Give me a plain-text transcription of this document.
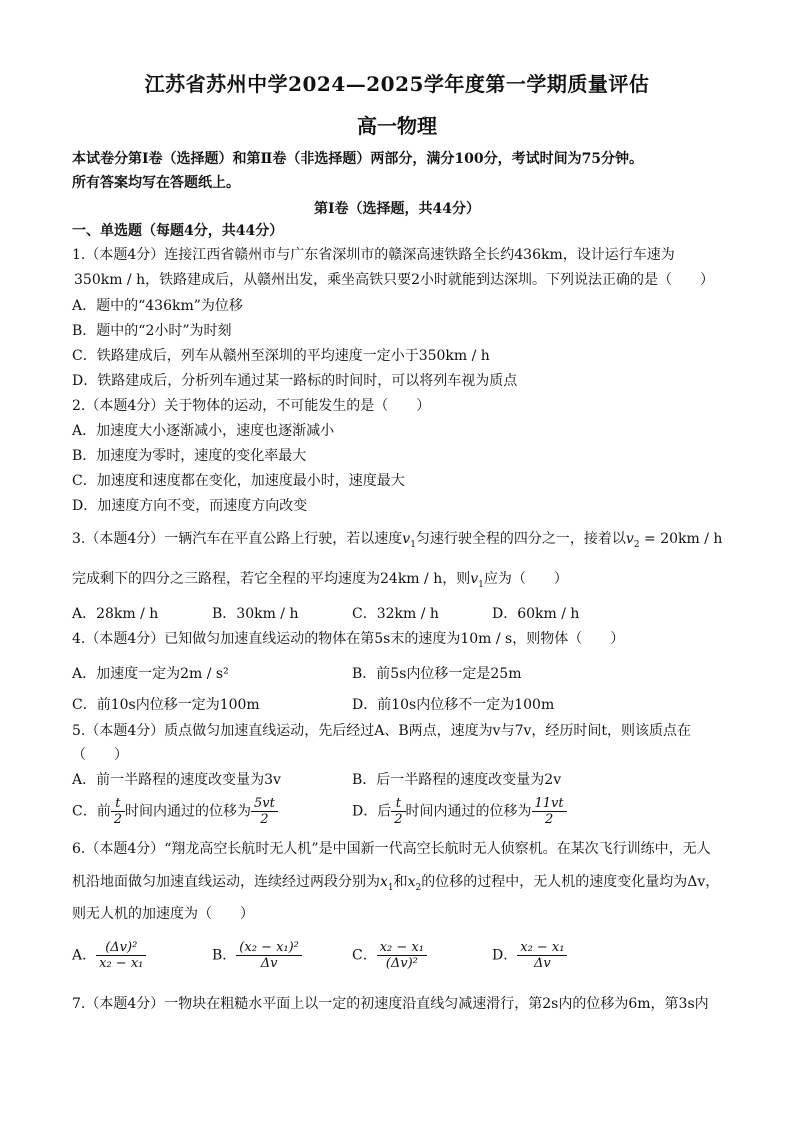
江苏省苏州中学2024—2025学年度第一学期质量评估
高一物理
本试卷分第Ⅰ卷（选择题）和第Ⅱ卷（非选择题）两部分，满分100分，考试时间为75分钟。
所有答案均写在答题纸上。
第Ⅰ卷（选择题，共44分）
一、单选题（每题4分，共44分）
1.（本题4分）连接江西省赣州市与广东省深圳市的赣深高速铁路全长约436km，设计运行车速为
350km / h，铁路建成后，从赣州出发，乘坐高铁只要2小时就能到达深圳。下列说法正确的是（　　）
A．题中的“436km”为位移
B．题中的“2小时”为时刻
C．铁路建成后，列车从赣州至深圳的平均速度一定小于350km / h
D．铁路建成后，分析列车通过某一路标的时间时，可以将列车视为质点
2.（本题4分）关于物体的运动，不可能发生的是（　　）
A．加速度大小逐渐减小，速度也逐渐减小
B．加速度为零时，速度的变化率最大
C．加速度和速度都在变化，加速度最小时，速度最大
D．加速度方向不变，而速度方向改变
3.（本题4分）一辆汽车在平直公路上行驶，若以速度$v_1$匀速行驶全程的四分之一，接着以$v_2 = 20km / h$
完成剩下的四分之三路程，若它全程的平均速度为24km / h，则$v_1$应为（　　）
A．28km / h	B．30km / h	C．32km / h	D．60km / h
4.（本题4分）已知做匀加速直线运动的物体在第5s末的速度为10m / s，则物体（　　）
A．加速度一定为2m / s²	B．前5s内位移一定是25m
C．前10s内位移一定为100m	D．前10s内位移不一定为100m
5.（本题4分）质点做匀加速直线运动，先后经过A、B两点，速度为v与7v，经历时间t，则该质点在
（　　）
A．前一半路程的速度改变量为3v	B．后一半路程的速度改变量为2v
C．前 $\frac{t}{2}$ 时间内通过的位移为 $\frac{5vt}{2}$	D．后 $\frac{t}{2}$ 时间内通过的位移为 $\frac{11vt}{2}$
6.（本题4分）“翔龙高空长航时无人机”是中国新一代高空长航时无人侦察机。在某次飞行训练中，无人
机沿地面做匀加速直线运动，连续经过两段分别为$x_1$和$x_2$的位移的过程中，无人机的速度变化量均为Δv，
则无人机的加速度为（　　）
A． $\frac{\text{(Δv)²}}{\text{x₂ − x₁}}$	B． $\frac{\text{(x₂ − x₁)²}}{\Delta v}$	C． $\frac{\text{x₂ − x₁}}{\text{(Δv)²}}$	D． $\frac{\text{x₂ − x₁}}{\Delta v}$
7.（本题4分）一物块在粗糙水平面上以一定的初速度沿直线匀减速滑行，第2s内的位移为6m，第3s内
